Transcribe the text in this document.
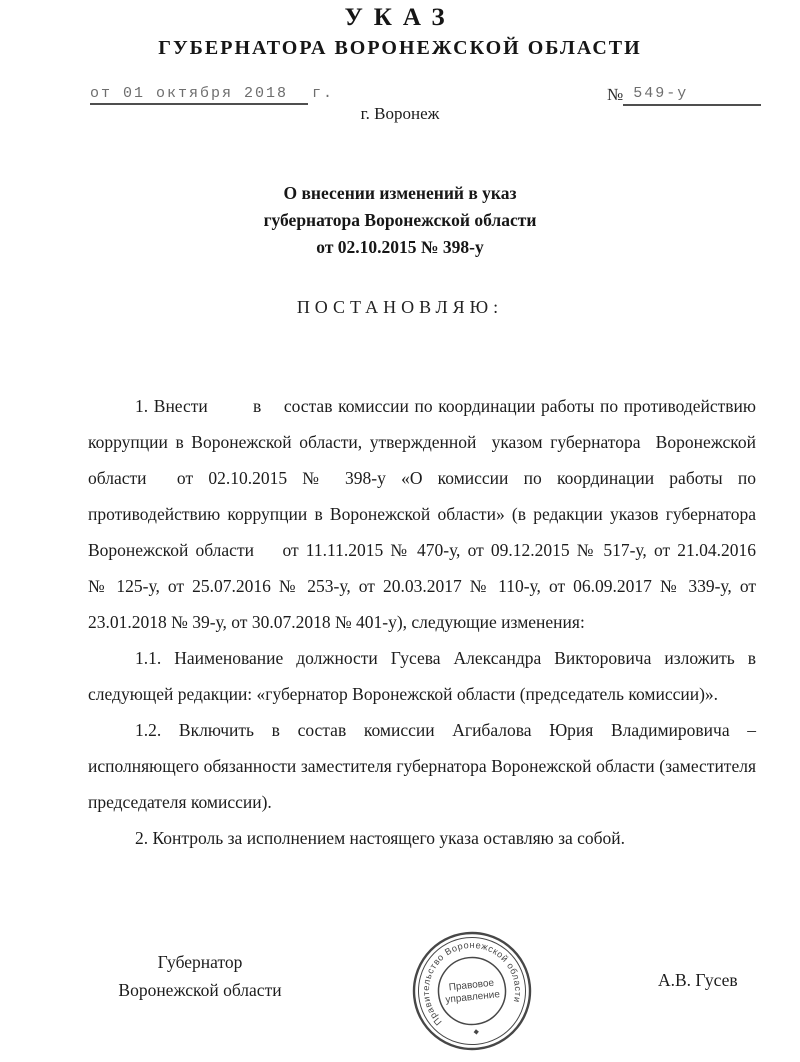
УКАЗ
ГУБЕРНАТОРА ВОРОНЕЖСКОЙ ОБЛАСТИ
от 01 октября 2018 г.	№ 549-у
г. Воронеж
О внесении изменений в указ
губернатора Воронежской области
от 02.10.2015 № 398-у
ПОСТАНОВЛЯЮ:

1. Внести        в    состав комиссии по координации работы по противодействию коррупции в Воронежской области, утвержденной  указом губернатора  Воронежской области  от 02.10.2015 № 398-у «О комиссии по координации работы по противодействию коррупции в Воронежской области» (в редакции указов губернатора Воронежской области    от 11.11.2015 № 470-у, от 09.12.2015 № 517-у, от 21.04.2016 № 125-у, от 25.07.2016 № 253-у, от 20.03.2017 № 110-у, от 06.09.2017 № 339-у, от 23.01.2018 № 39-у, от 30.07.2018 № 401-у), следующие изменения:

1.1. Наименование должности Гусева Александра Викторовича изложить в следующей редакции: «губернатор Воронежской области (председатель комиссии)».

1.2. Включить в состав комиссии Агибалова Юрия Владимировича – исполняющего обязанности заместителя губернатора Воронежской области (заместителя председателя комиссии).

2. Контроль за исполнением настоящего указа оставляю за собой.

Губернатор
Воронежской области	А.В. Гусев
Правительство Воронежской области
Правовое
управление
◆
